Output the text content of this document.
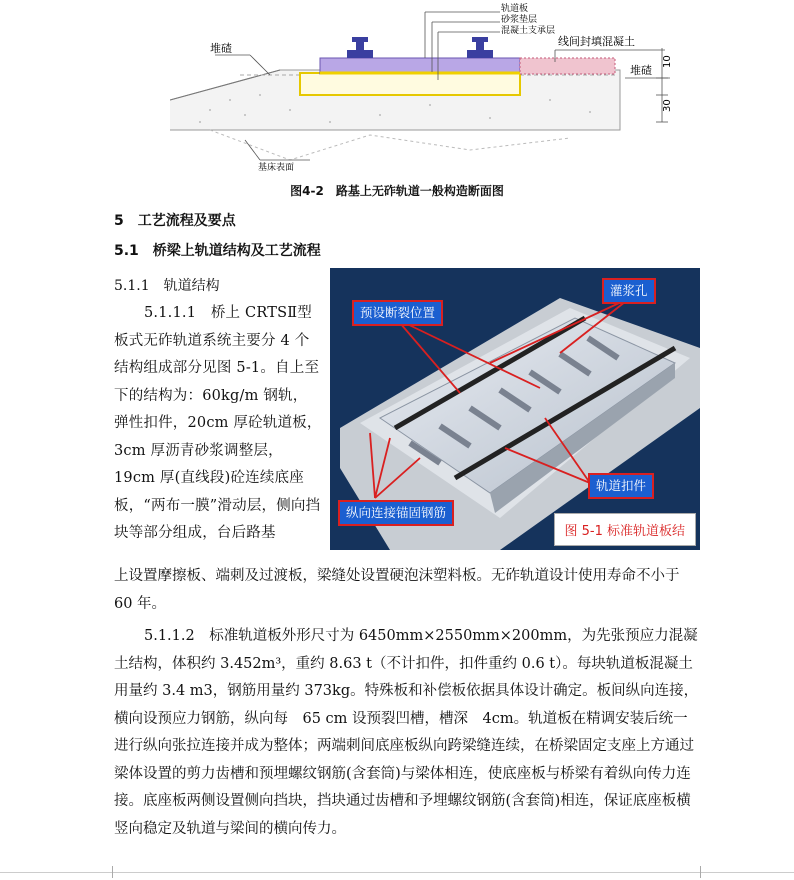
轨道板
砂浆垫层
混凝土支承层
线间封填混凝土
堆碴
堆碴
基床表面
10
30
图4-2　路基上无砟轨道一般构造断面图
5　工艺流程及要点
5.1　桥梁上轨道结构及工艺流程
5.1.1　轨道结构
5.1.1.1　桥上 CRTSⅡ型板式无砟轨道系统主要分 4 个结构组成部分见图 5-1。自上至下的结构为：60kg/m 钢轨，弹性扣件，20cm 厚砼轨道板，3cm 厚沥青砂浆调整层，19cm 厚(直线段)砼连续底座板，“两布一膜”滑动层，侧向挡块等部分组成，台后路基
预设断裂位置
灌浆孔
轨道扣件
纵向连接锚固钢筋
图 5-1 标准轨道板结
上设置摩擦板、端刺及过渡板，梁缝处设置硬泡沫塑料板。无砟轨道设计使用寿命不小于 60 年。
5.1.1.2　标准轨道板外形尺寸为 6450mm×2550mm×200mm，为先张预应力混凝土结构，体积约 3.452m³，重约 8.63 t（不计扣件，扣件重约 0.6 t）。每块轨道板混凝土用量约 3.4 m3，钢筋用量约 373kg。特殊板和补偿板依据具体设计确定。板间纵向连接，横向设预应力钢筋，纵向每　65 cm 设预裂凹槽，槽深　4cm。轨道板在精调安装后统一进行纵向张拉连接并成为整体；两端刺间底座板纵向跨梁缝连续，在桥梁固定支座上方通过梁体设置的剪力齿槽和预埋螺纹钢筋(含套筒)与梁体相连，使底座板与桥梁有着纵向传力连接。底座板两侧设置侧向挡块，挡块通过齿槽和予埋螺纹钢筋(含套筒)相连，保证底座板横竖向稳定及轨道与梁间的横向传力。
